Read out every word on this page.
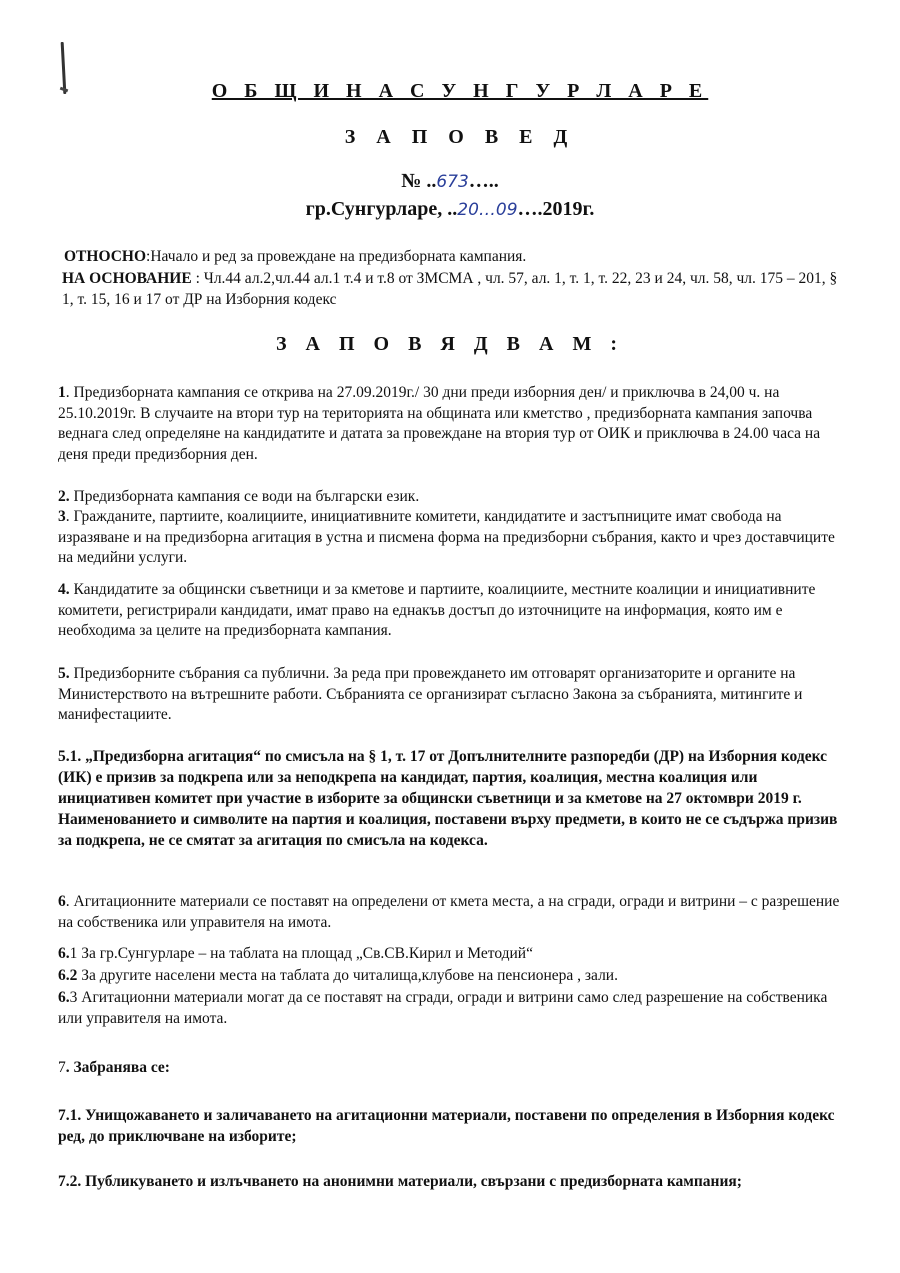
О Б Щ И Н А С У Н Г У Р Л А Р Е
З А П О В Е Д
№ ..673…..
гр.Сунгурларе, ..20…09….2019г.
ОТНОСНО:Начало и ред за провеждане на предизборната кампания.
НА ОСНОВАНИЕ : Чл.44 ал.2,чл.44 ал.1 т.4 и т.8 от ЗМСМА , чл. 57, ал. 1, т. 1, т. 22, 23 и 24, чл. 58, чл. 175 – 201, § 1, т. 15, 16 и 17 от ДР на Изборния кодекс
З А П О В Я Д В А М :
1. Предизборната кампания се открива на 27.09.2019г./ 30 дни преди изборния ден/ и приключва в 24,00 ч. на 25.10.2019г. В случаите на втори тур на територията на общината или кметство , предизборната кампания започва веднага след определяне на кандидатите и датата за провеждане на втория тур от ОИК и приключва в 24.00 часа на деня преди предизборния ден.
2. Предизборната кампания се води на български език.
3. Гражданите, партиите, коалициите, инициативните комитети, кандидатите и застъпниците имат свобода на изразяване и на предизборна агитация в устна и писмена форма на предизборни събрания, както и чрез доставчиците на медийни услуги.
4. Кандидатите за общински съветници и за кметове и партиите, коалициите, местните коалиции и инициативните комитети, регистрирали кандидати, имат право на еднакъв достъп до източниците на информация, която им е необходима за целите на предизборната кампания.
5. Предизборните събрания са публични. За реда при провеждането им отговарят организаторите и органите на Министерството на вътрешните работи. Събранията се организират съгласно Закона за събранията, митингите и манифестациите.
5.1. „Предизборна агитация“ по смисъла на § 1, т. 17 от Допълнителните разпоредби (ДР) на Изборния кодекс (ИК) е призив за подкрепа или за неподкрепа на кандидат, партия, коалиция, местна коалиция или инициативен комитет при участие в изборите за общински съветници и за кметове на 27 октомври 2019 г. Наименованието и символите на партия и коалиция, поставени върху предмети, в които не се съдържа призив за подкрепа, не се смятат за агитация по смисъла на кодекса.
6. Агитационните материали се поставят на определени от кмета места, а на сгради, огради и витрини – с разрешение на собственика или управителя на имота.
6.1 За гр.Сунгурларе – на таблата на площад „Св.СВ.Кирил и Методий“
6.2 За другите населени места на таблата до читалища,клубове на пенсионера , зали.
6.3 Агитационни материали могат да се поставят на сгради, огради и витрини само след разрешение на собственика или управителя на имота.
7. Забранява се:
7.1. Унищожаването и заличаването на агитационни материали, поставени по определения в Изборния кодекс ред, до приключване на изборите;
7.2. Публикуването и излъчването на анонимни материали, свързани с предизборната кампания;
